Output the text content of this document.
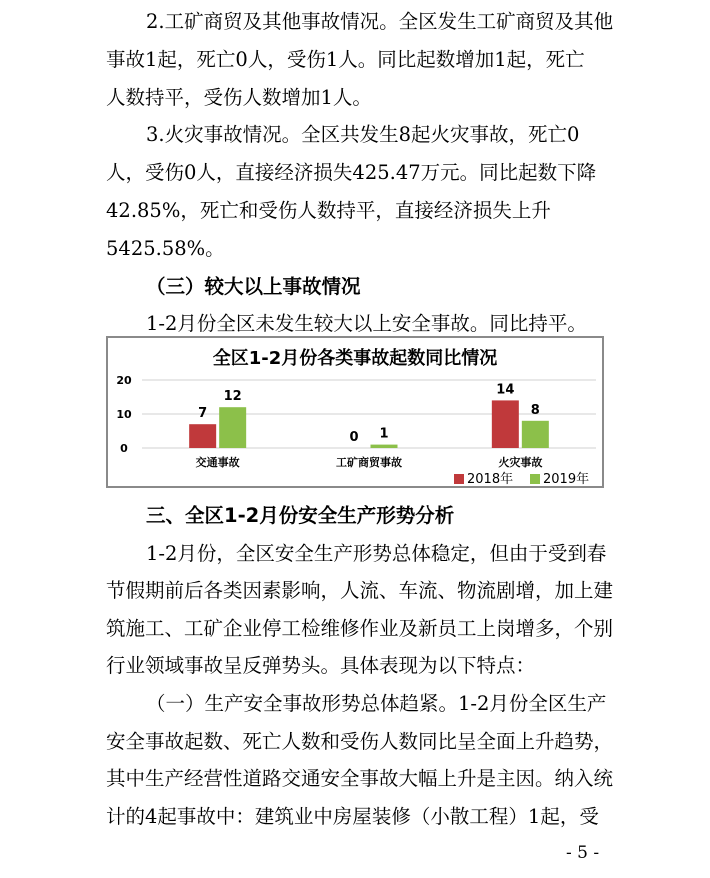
2.工矿商贸及其他事故情况。全区发生工矿商贸及其他
事故1起，死亡0人，受伤1人。同比起数增加1起，死亡
人数持平，受伤人数增加1人。
3.火灾事故情况。全区共发生8起火灾事故，死亡0
人，受伤0人，直接经济损失425.47万元。同比起数下降
42.85%，死亡和受伤人数持平，直接经济损失上升
5425.58%。
（三）较大以上事故情况
1-2月份全区未发生较大以上安全事故。同比持平。
全区1-2月份各类事故起数同比情况
0
10
20
7
12
交通事故
0 1
工矿商贸事故
14
8
火灾事故
2018年 2019年
三、全区1-2月份安全生产形势分析
1-2月份，全区安全生产形势总体稳定，但由于受到春
节假期前后各类因素影响，人流、车流、物流剧增，加上建
筑施工、工矿企业停工检维修作业及新员工上岗增多，个别
行业领域事故呈反弹势头。具体表现为以下特点：
（一）生产安全事故形势总体趋紧。1-2月份全区生产
安全事故起数、死亡人数和受伤人数同比呈全面上升趋势，
其中生产经营性道路交通安全事故大幅上升是主因。纳入统
计的4起事故中：建筑业中房屋装修（小散工程）1起，受
- 5 -
